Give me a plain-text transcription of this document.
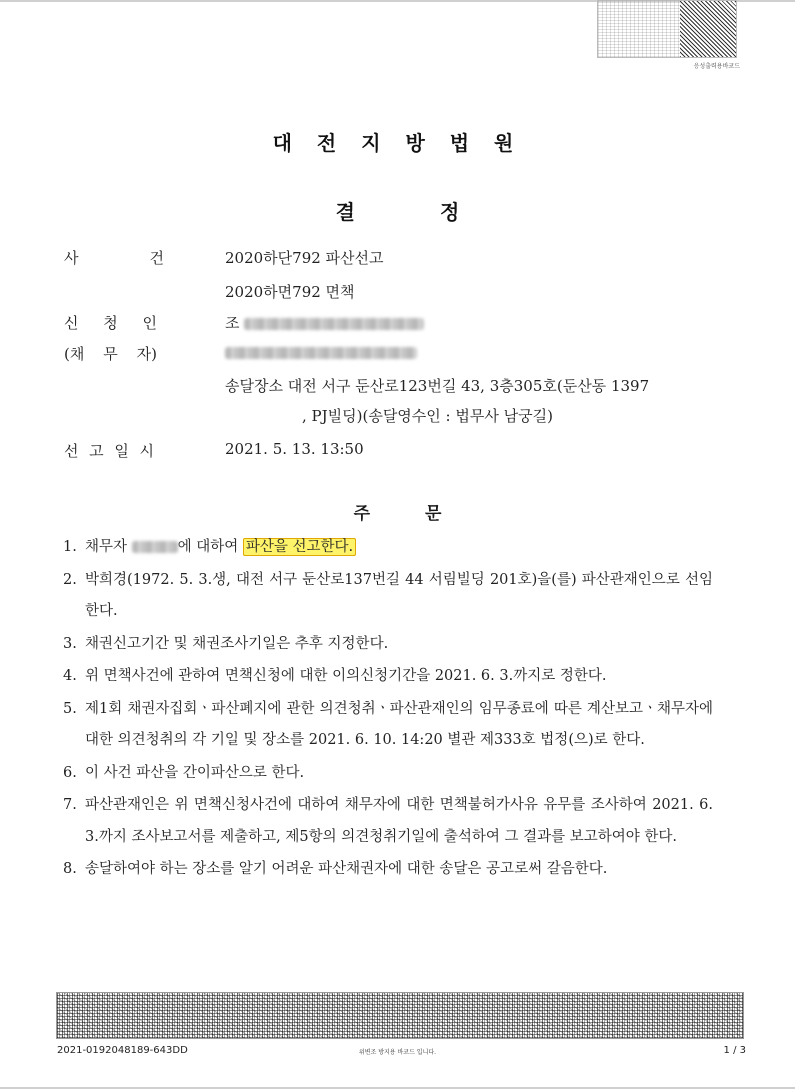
응성출력용바코드
대 전 지 방 법 원
결	정
사	건	2020하단792 파산선고
2020하면792 면책
신 청 인	조
(채 무 자)
송달장소 대전 서구 둔산로123번길 43, 3층305호(둔산동 1397
, PJ빌딩)(송달영수인 : 법무사 남궁길)
선 고 일 시	2021. 5. 13. 13:50
주	문
1. 채무자	에 대하여 파산을 선고한다.
2. 박희경(1972. 5. 3.생, 대전 서구 둔산로137번길 44 서림빌딩 201호)을(를) 파산관재인으로 선임한다.
3. 채권신고기간 및 채권조사기일은 추후 지정한다.
4. 위 면책사건에 관하여 면책신청에 대한 이의신청기간을 2021. 6. 3.까지로 정한다.
5. 제1회 채권자집회ㆍ파산폐지에 관한 의견청취ㆍ파산관재인의 임무종료에 따른 계산보고ㆍ채무자에 대한 의견청취의 각 기일 및 장소를 2021. 6. 10. 14:20 별관 제333호 법정(으)로 한다.
6. 이 사건 파산을 간이파산으로 한다.
7. 파산관재인은 위 면책신청사건에 대하여 채무자에 대한 면책불허가사유 유무를 조사하여 2021. 6. 3.까지 조사보고서를 제출하고, 제5항의 의견청취기일에 출석하여 그 결과를 보고하여야 한다.
8. 송달하여야 하는 장소를 알기 어려운 파산채권자에 대한 송달은 공고로써 갈음한다.
2021-0192048189-643DD	위변조 방지용 바코드 입니다.	1 / 3
